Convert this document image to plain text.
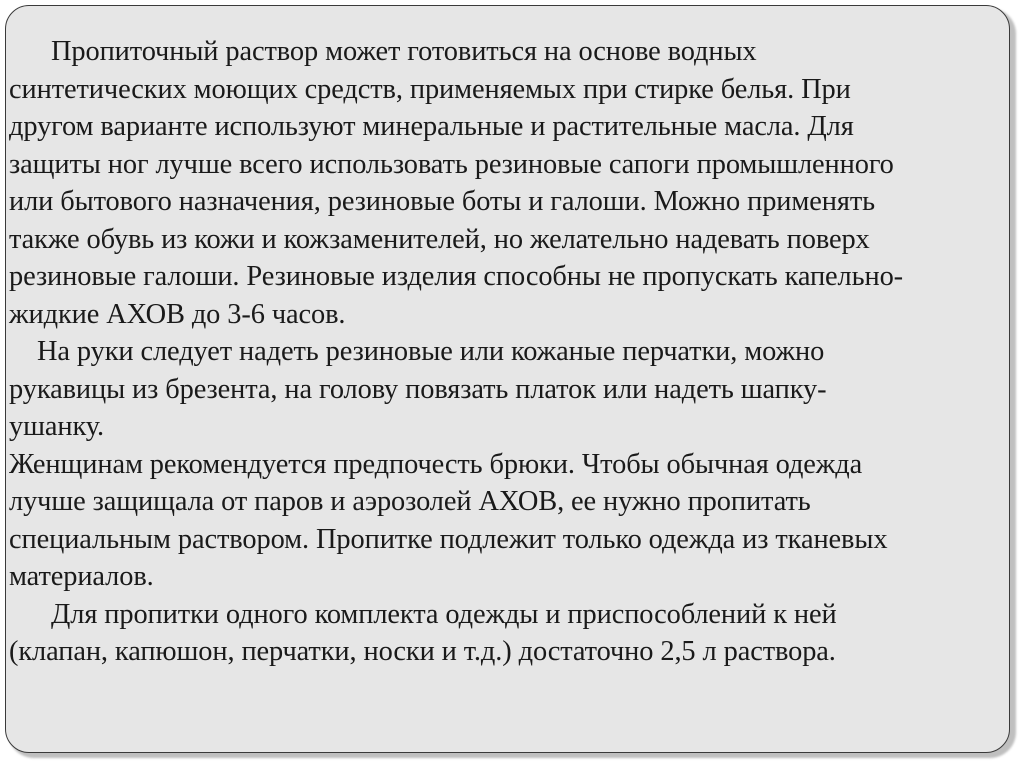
Пропиточный раствор может готовиться на основе водных
синтетических моющих средств, применяемых при стирке белья. При
другом варианте используют минеральные и растительные масла. Для
защиты ног лучше всего использовать резиновые сапоги промышленного
или бытового назначения, резиновые боты и галоши. Можно применять
также обувь из кожи и кожзаменителей, но желательно надевать поверх
резиновые галоши. Резиновые изделия способны не пропускать капельно-
жидкие АХОВ до 3-6 часов.
На руки следует надеть резиновые или кожаные перчатки, можно
рукавицы из брезента, на голову повязать платок или надеть шапку-
ушанку.
Женщинам рекомендуется предпочесть брюки. Чтобы обычная одежда
лучше защищала от паров и аэрозолей АХОВ, ее нужно пропитать
специальным раствором. Пропитке подлежит только одежда из тканевых
материалов.
Для пропитки одного комплекта одежды и приспособлений к ней
(клапан, капюшон, перчатки, носки и т.д.) достаточно 2,5 л раствора.
